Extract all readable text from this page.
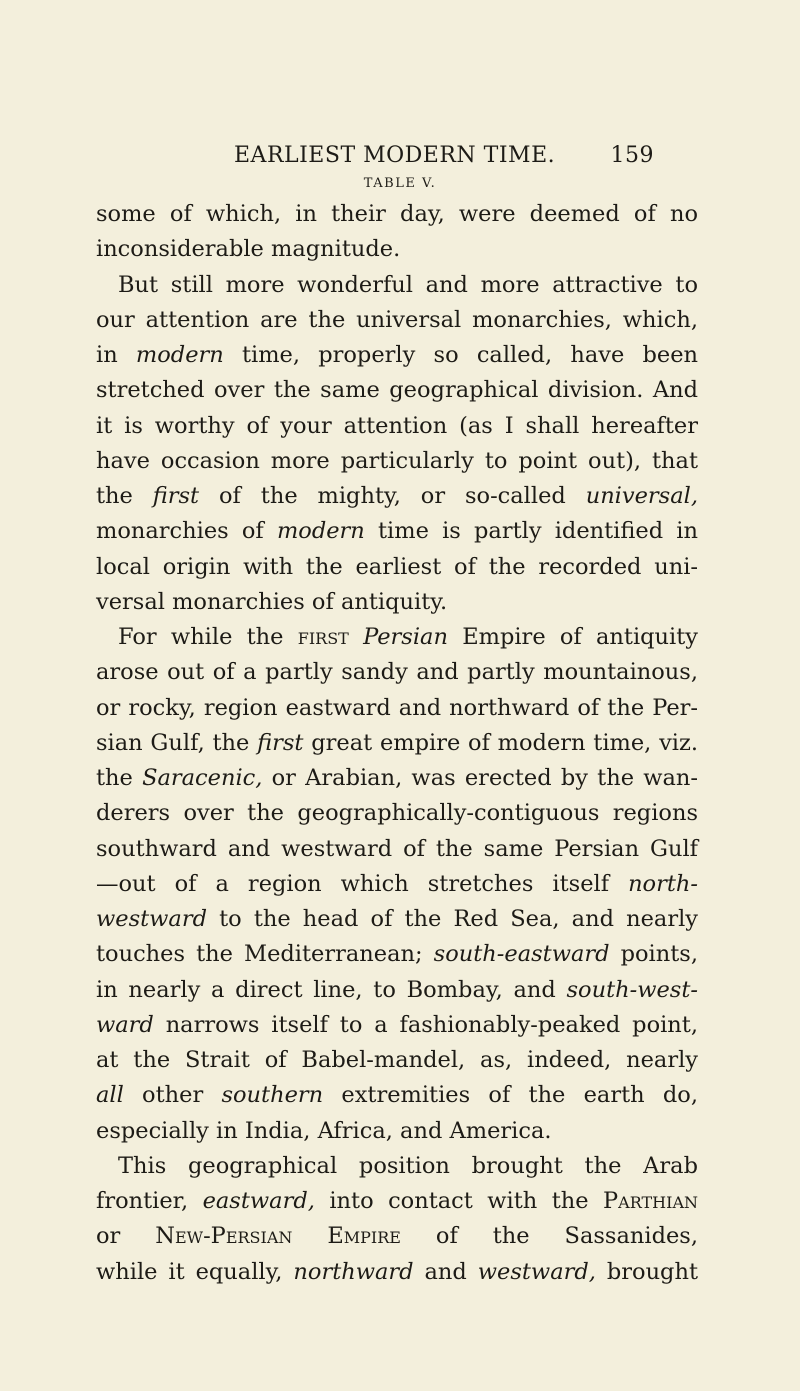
EARLIEST MODERN TIME.	159
TABLE V.
some of which, in their day, were deemed of no
inconsiderable magnitude.
But still more wonderful and more attractive to
our attention are the universal monarchies, which,
in modern time, properly so called, have been
stretched over the same geographical division. And
it is worthy of your attention (as I shall hereafter
have occasion more particularly to point out), that
the first of the mighty, or so-called universal,
monarchies of modern time is partly identified in
local origin with the earliest of the recorded uni-
versal monarchies of antiquity.
For while the first Persian Empire of antiquity
arose out of a partly sandy and partly mountainous,
or rocky, region eastward and northward of the Per-
sian Gulf, the first great empire of modern time, viz.
the Saracenic, or Arabian, was erected by the wan-
derers over the geographically-contiguous regions
southward and westward of the same Persian Gulf
—out of a region which stretches itself north-
westward to the head of the Red Sea, and nearly
touches the Mediterranean; south-eastward points,
in nearly a direct line, to Bombay, and south-west-
ward narrows itself to a fashionably-peaked point,
at the Strait of Babel-mandel, as, indeed, nearly
all other southern extremities of the earth do,
especially in India, Africa, and America.
This geographical position brought the Arab
frontier, eastward, into contact with the Parthian
or New-Persian Empire of the Sassanides,
while it equally, northward and westward, brought
